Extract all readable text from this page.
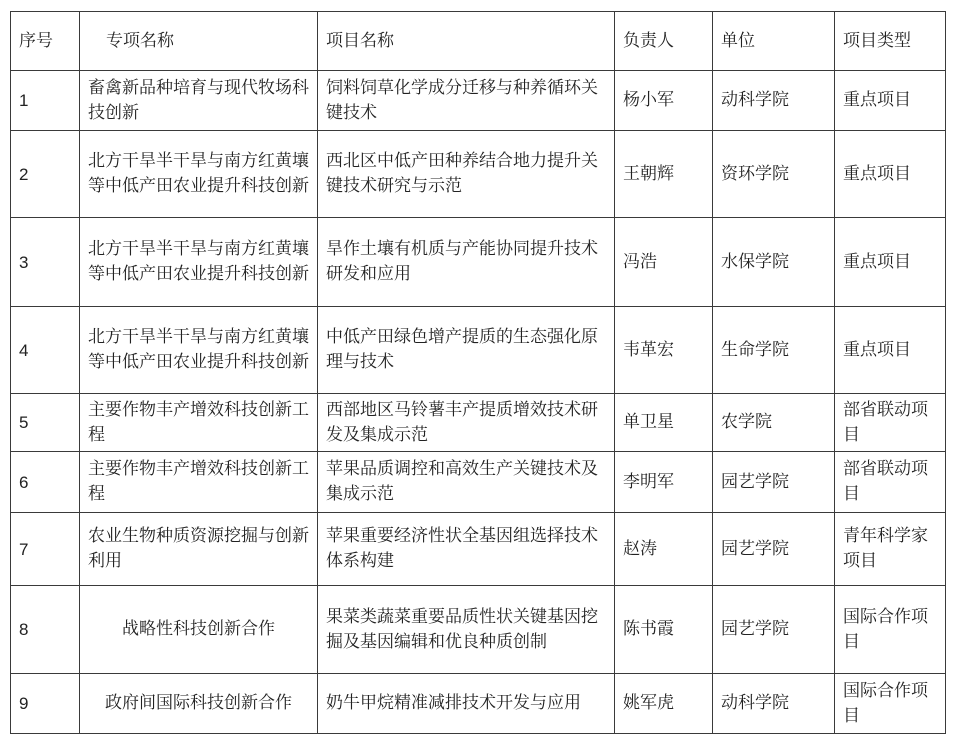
序号	专项名称	项目名称	负责人	单位	项目类型
1	畜禽新品种培育与现代牧场科技创新	饲料饲草化学成分迁移与种养循环关键技术	杨小军	动科学院	重点项目
2	北方干旱半干旱与南方红黄壤等中低产田农业提升科技创新	西北区中低产田种养结合地力提升关键技术研究与示范	王朝辉	资环学院	重点项目
3	北方干旱半干旱与南方红黄壤等中低产田农业提升科技创新	旱作土壤有机质与产能协同提升技术研发和应用	冯浩	水保学院	重点项目
4	北方干旱半干旱与南方红黄壤等中低产田农业提升科技创新	中低产田绿色增产提质的生态强化原理与技术	韦革宏	生命学院	重点项目
5	主要作物丰产增效科技创新工程	西部地区马铃薯丰产提质增效技术研发及集成示范	单卫星	农学院	部省联动项目
6	主要作物丰产增效科技创新工程	苹果品质调控和高效生产关键技术及集成示范	李明军	园艺学院	部省联动项目
7	农业生物种质资源挖掘与创新利用	苹果重要经济性状全基因组选择技术体系构建	赵涛	园艺学院	青年科学家项目
8	战略性科技创新合作	果菜类蔬菜重要品质性状关键基因挖掘及基因编辑和优良种质创制	陈书霞	园艺学院	国际合作项目
9	政府间国际科技创新合作	奶牛甲烷精准减排技术开发与应用	姚军虎	动科学院	国际合作项目
